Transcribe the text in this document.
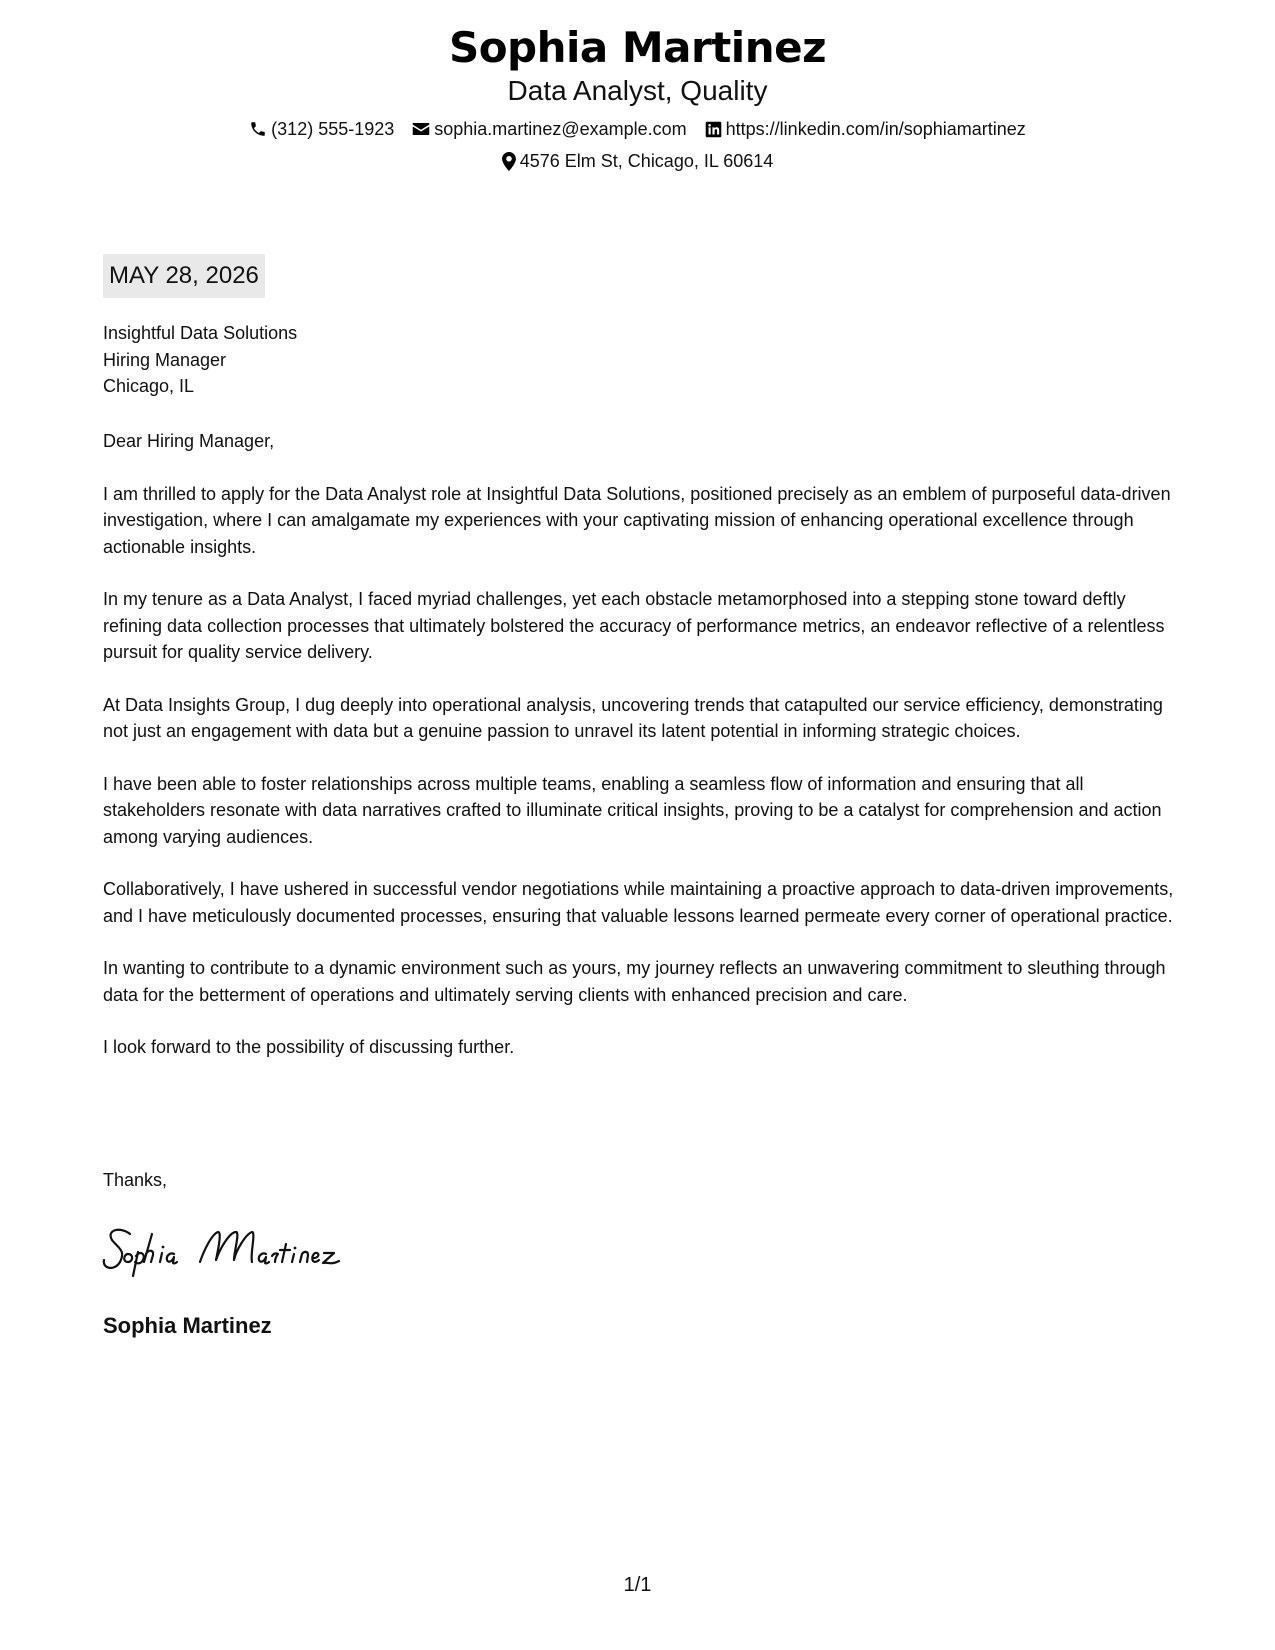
Sophia Martinez
Data Analyst, Quality
(312) 555-1923 sophia.martinez@example.com https://linkedin.com/in/sophiamartinez
4576 Elm St, Chicago, IL 60614
MAY 28, 2026
Insightful Data Solutions
Hiring Manager
Chicago, IL

Dear Hiring Manager,

I am thrilled to apply for the Data Analyst role at Insightful Data Solutions, positioned precisely as an emblem of purposeful data-driven investigation, where I can amalgamate my experiences with your captivating mission of enhancing operational excellence through actionable insights.

In my tenure as a Data Analyst, I faced myriad challenges, yet each obstacle metamorphosed into a stepping stone toward deftly refining data collection processes that ultimately bolstered the accuracy of performance metrics, an endeavor reflective of a relentless pursuit for quality service delivery.

At Data Insights Group, I dug deeply into operational analysis, uncovering trends that catapulted our service efficiency, demonstrating not just an engagement with data but a genuine passion to unravel its latent potential in informing strategic choices.

I have been able to foster relationships across multiple teams, enabling a seamless flow of information and ensuring that all stakeholders resonate with data narratives crafted to illuminate critical insights, proving to be a catalyst for comprehension and action among varying audiences.

Collaboratively, I have ushered in successful vendor negotiations while maintaining a proactive approach to data-driven improvements, and I have meticulously documented processes, ensuring that valuable lessons learned permeate every corner of operational practice.

In wanting to contribute to a dynamic environment such as yours, my journey reflects an unwavering commitment to sleuthing through data for the betterment of operations and ultimately serving clients with enhanced precision and care.

I look forward to the possibility of discussing further.

Thanks,
Sophia Martinez
1/1
